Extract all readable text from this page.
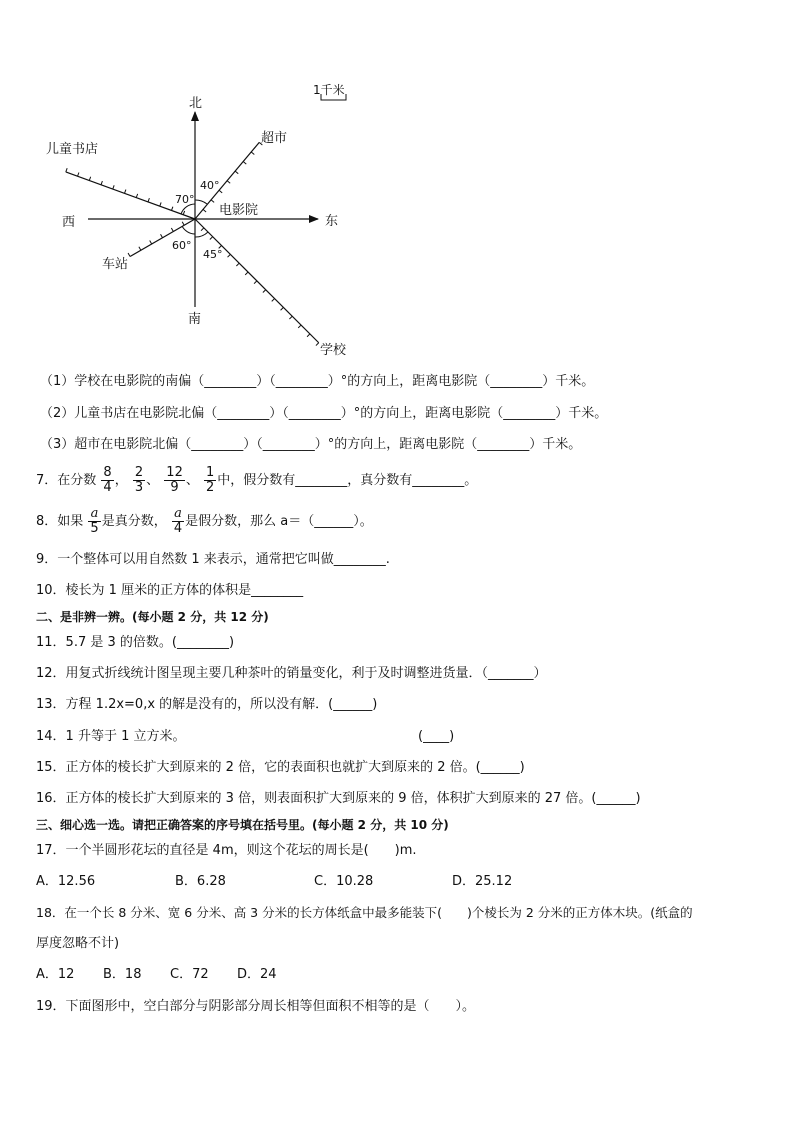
1千米
北
南
东
西
电影院
儿童书店
超市
车站
学校
70°
40°
60°
45°
（1）学校在电影院的南偏（________）（________）°的方向上，距离电影院（________）千米。
（2）儿童书店在电影院北偏（________）（________）°的方向上，距离电影院（________）千米。
（3）超市在电影院北偏（________）（________）°的方向上，距离电影院（________）千米。
7．在分数 $\frac{8}{4}$ ， $\frac{2}{3}$ 、 $\frac{12}{9}$ 、 $\frac{1}{2}$ 中，假分数有________，真分数有________。
8．如果 $\frac{a}{5}$ 是真分数， $\frac{a}{4}$ 是假分数，那么 a＝（______）。
9．一个整体可以用自然数 1 来表示，通常把它叫做________.
10．棱长为 1 厘米的正方体的体积是________
二、是非辨一辨。(每小题 2 分，共 12 分)
11．5.7 是 3 的倍数。(________)
12．用复式折线统计图呈现主要几种茶叶的销量变化，利于及时调整进货量．（_______）
13．方程 1.2x=0,x 的解是没有的，所以没有解．(______)
14．1 升等于 1 立方米。	(____)
15．正方体的棱长扩大到原来的 2 倍，它的表面积也就扩大到原来的 2 倍。(______)
16．正方体的棱长扩大到原来的 3 倍，则表面积扩大到原来的 9 倍，体积扩大到原来的 27 倍。(______)
三、细心选一选。请把正确答案的序号填在括号里。(每小题 2 分，共 10 分)
17．一个半圆形花坛的直径是 4m，则这个花坛的周长是(　　)m.
A．12.56	B．6.28	C．10.28	D．25.12
18．在一个长 8 分米、宽 6 分米、高 3 分米的长方体纸盒中最多能装下(　　)个棱长为 2 分米的正方体木块。(纸盒的
厚度忽略不计)
A．12 B．18 C．72 D．24
19．下面图形中，空白部分与阴影部分周长相等但面积不相等的是（　　）。
